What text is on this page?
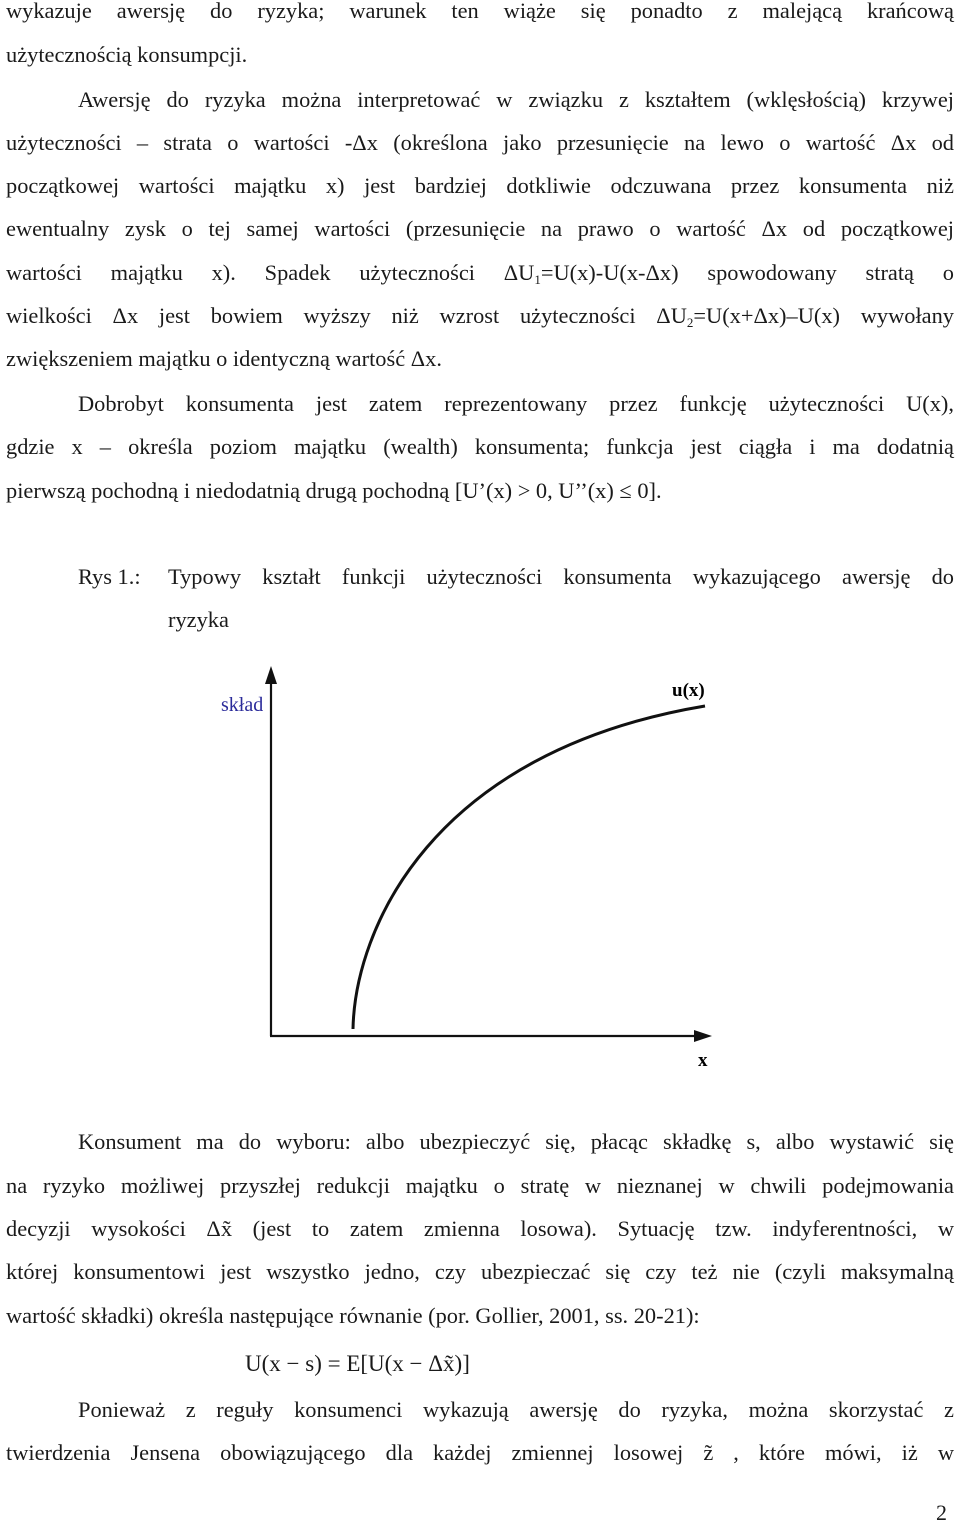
wykazuje awersję do ryzyka; warunek ten wiąże się ponadto z malejącą krańcową
użytecznością konsumpcji.
Awersję do ryzyka można interpretować w związku z kształtem (wklęsłością) krzywej
użyteczności – strata o wartości -Δx (określona jako przesunięcie na lewo o wartość Δx od
początkowej wartości majątku x) jest bardziej dotkliwie odczuwana przez konsumenta niż
ewentualny zysk o tej samej wartości (przesunięcie na prawo o wartość Δx od początkowej
wartości majątku x). Spadek użyteczności $\Delta U_1=U(x)-U(x-\Delta x)$ spowodowany stratą o
wielkości Δx jest bowiem wyższy niż wzrost użyteczności $\Delta U_2=U(x+\Delta x)-U(x)$ wywołany
zwiększeniem majątku o identyczną wartość Δx.
Dobrobyt konsumenta jest zatem reprezentowany przez funkcję użyteczności U(x),
gdzie x – określa poziom majątku (wealth) konsumenta; funkcja jest ciągła i ma dodatnią
pierwszą pochodną i niedodatnią drugą pochodną [U’(x) > 0, U’’(x) ≤ 0].
Rys 1.: Typowy kształt funkcji użyteczności konsumenta wykazującego awersję do
ryzyka
u(x)
x
skład
Konsument ma do wyboru: albo ubezpieczyć się, płacąc składkę s, albo wystawić się
na ryzyko możliwej przyszłej redukcji majątku o stratę w nieznanej w chwili podejmowania
decyzji wysokości Δx̃ (jest to zatem zmienna losowa). Sytuację tzw. indyferentności, w
której konsumentowi jest wszystko jedno, czy ubezpieczać się czy też nie (czyli maksymalną
wartość składki) określa następujące równanie (por. Gollier, 2001, ss. 20-21):
U(x − s) = E[U(x − Δx̃)]
Ponieważ z reguły konsumenci wykazują awersję do ryzyka, można skorzystać z
twierdzenia Jensena obowiązującego dla każdej zmiennej losowej z̃ , które mówi, iż w
2
